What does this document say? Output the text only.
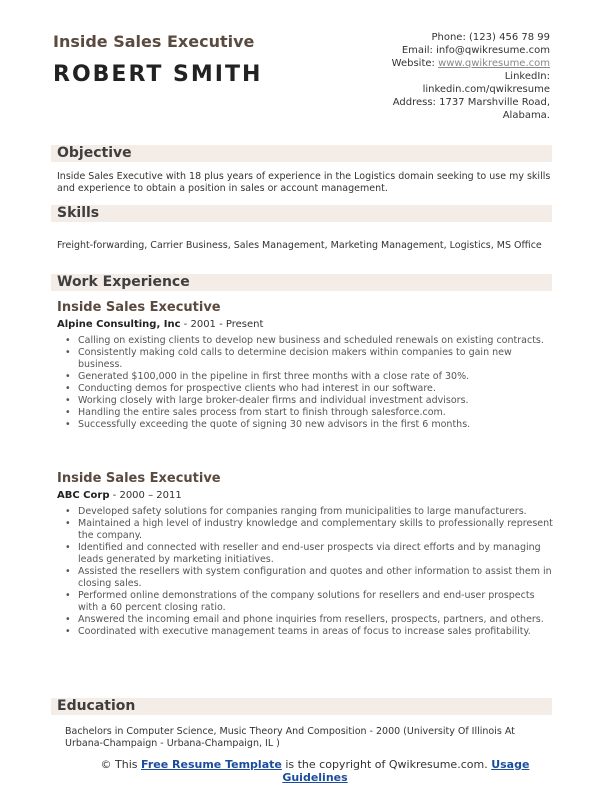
Inside Sales Executive
ROBERT SMITH
Phone: (123) 456 78 99
Email: info@qwikresume.com
Website: www.qwikresume.com
LinkedIn:
linkedin.com/qwikresume
Address: 1737 Marshville Road,
Alabama.
Objective

Inside Sales Executive with 18 plus years of experience in the Logistics domain seeking to use my skills and experience to obtain a position in sales or account management.

Skills

Freight-forwarding, Carrier Business, Sales Management, Marketing Management, Logistics, MS Office

Work Experience
Inside Sales Executive

Alpine Consulting, Inc - 2001 - Present

• Calling on existing clients to develop new business and scheduled renewals on existing contracts.
• Consistently making cold calls to determine decision makers within companies to gain new business.
• Generated $100,000 in the pipeline in first three months with a close rate of 30%.
• Conducting demos for prospective clients who had interest in our software.
• Working closely with large broker-dealer firms and individual investment advisors.
• Handling the entire sales process from start to finish through salesforce.com.
• Successfully exceeding the quote of signing 30 new advisors in the first 6 months.
Inside Sales Executive

ABC Corp - 2000 – 2011

• Developed safety solutions for companies ranging from municipalities to large manufacturers.
• Maintained a high level of industry knowledge and complementary skills to professionally represent the company.
• Identified and connected with reseller and end-user prospects via direct efforts and by managing leads generated by marketing initiatives.
• Assisted the resellers with system configuration and quotes and other information to assist them in closing sales.
• Performed online demonstrations of the company solutions for resellers and end-user prospects with a 60 percent closing ratio.
• Answered the incoming email and phone inquiries from resellers, prospects, partners, and others.
• Coordinated with executive management teams in areas of focus to increase sales profitability.
Education

Bachelors in Computer Science, Music Theory And Composition - 2000 (University Of Illinois At Urbana-Champaign - Urbana-Champaign, IL )

© This Free Resume Template is the copyright of Qwikresume.com. Usage Guidelines
